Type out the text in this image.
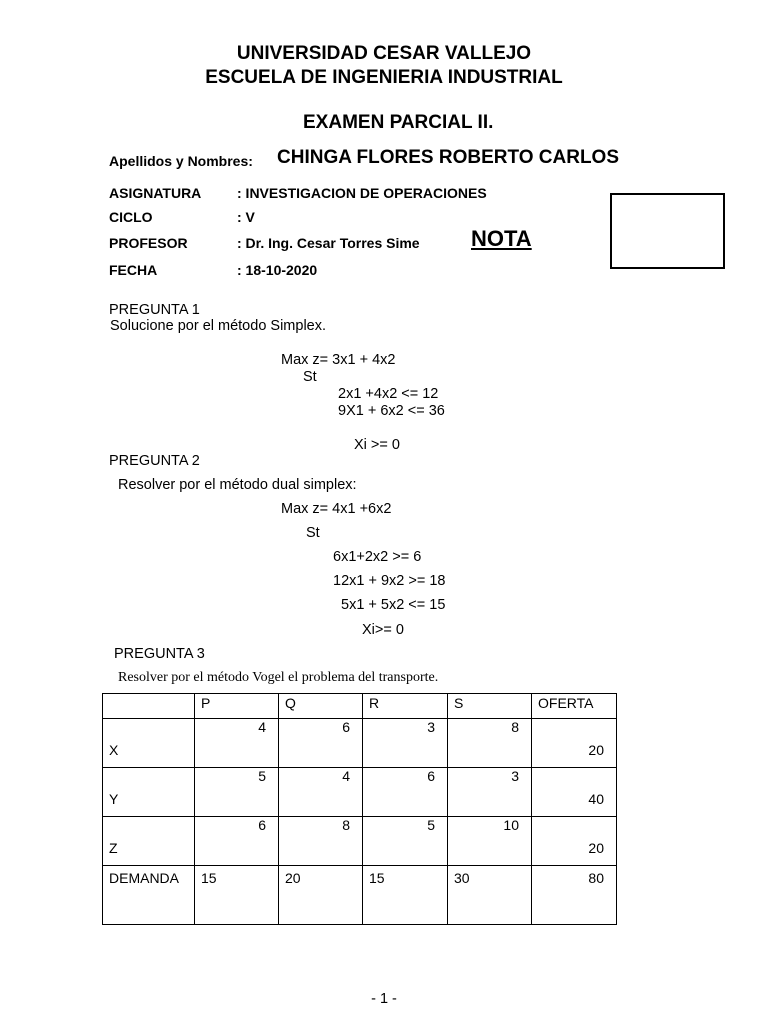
UNIVERSIDAD CESAR VALLEJO
ESCUELA DE INGENIERIA INDUSTRIAL
EXAMEN PARCIAL II.
Apellidos y Nombres: CHINGA FLORES ROBERTO CARLOS
ASIGNATURA	: INVESTIGACION DE OPERACIONES
CICLO	: V
PROFESOR	: Dr. Ing. Cesar Torres Sime
FECHA	: 18-10-2020
NOTA
PREGUNTA 1
Solucione por el método Simplex.
Max z= 3x1 + 4x2
St
2x1 +4x2 <= 12
9X1 + 6x2 <= 36
Xi >= 0
PREGUNTA 2
Resolver por el método dual simplex:
Max z= 4x1 +6x2
St
6x1+2x2 >= 6
12x1 + 9x2 >= 18
5x1 + 5x2 <= 15
Xi>= 0
PREGUNTA 3
Resolver por el método Vogel el problema del transporte.

	P	Q	R	S	OFERTA

X	4	6	3	8	20

Y	5	4	6	3	40

Z	6	8	5	10	20

DEMANDA	15	20	15	30	80
- 1 -
